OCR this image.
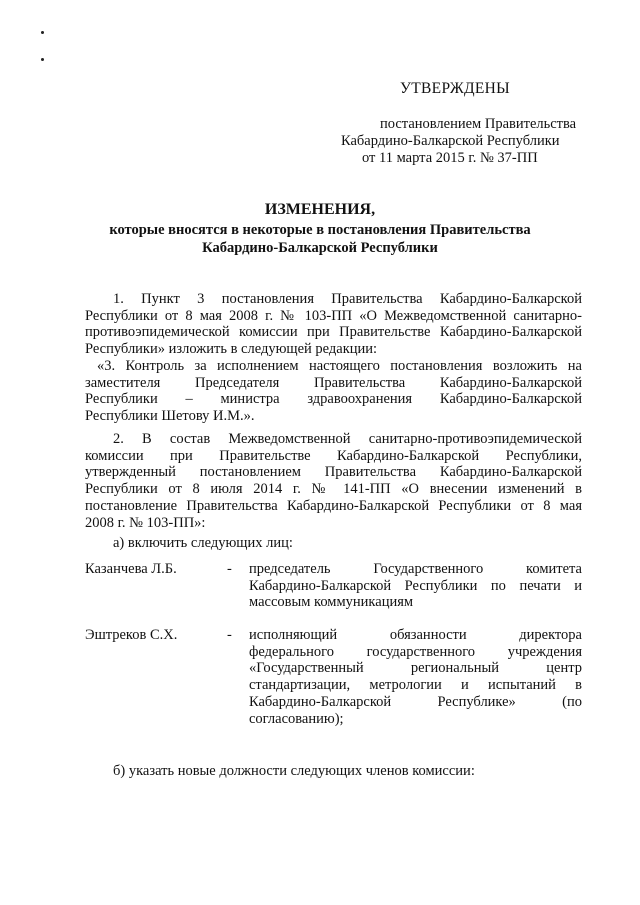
УТВЕРЖДЕНЫ
постановлением Правительства
Кабардино-Балкарской Республики
от 11 марта 2015 г. № 37-ПП
ИЗМЕНЕНИЯ,
которые вносятся в некоторые в постановления Правительства
Кабардино-Балкарской Республики
1. Пункт 3 постановления Правительства Кабардино-Балкарской
Республики от 8 мая 2008 г. № 103-ПП «О Межведомственной санитарно-
противоэпидемической комиссии при Правительстве Кабардино-Балкарской
Республики» изложить в следующей редакции:
«3. Контроль за исполнением настоящего постановления возложить на
заместителя Председателя Правительства Кабардино-Балкарской
Республики – министра здравоохранения Кабардино-Балкарской
Республики Шетову И.М.».
2. В состав Межведомственной санитарно-противоэпидемической
комиссии при Правительстве Кабардино-Балкарской Республики,
утвержденный постановлением Правительства Кабардино-Балкарской
Республики от 8 июля 2014 г. № 141-ПП «О внесении изменений в
постановление Правительства Кабардино-Балкарской Республики от 8 мая
2008 г. № 103-ПП»:
а) включить следующих лиц:
Казанчева Л.Б.	- председатель Государственного комитета
Кабардино-Балкарской Республики по печати и
массовым коммуникациям
Эштреков С.Х.	- исполняющий обязанности директора
федерального государственного учреждения
«Государственный региональный центр
стандартизации, метрологии и испытаний в
Кабардино-Балкарской Республике» (по
согласованию);
б) указать новые должности следующих членов комиссии:
